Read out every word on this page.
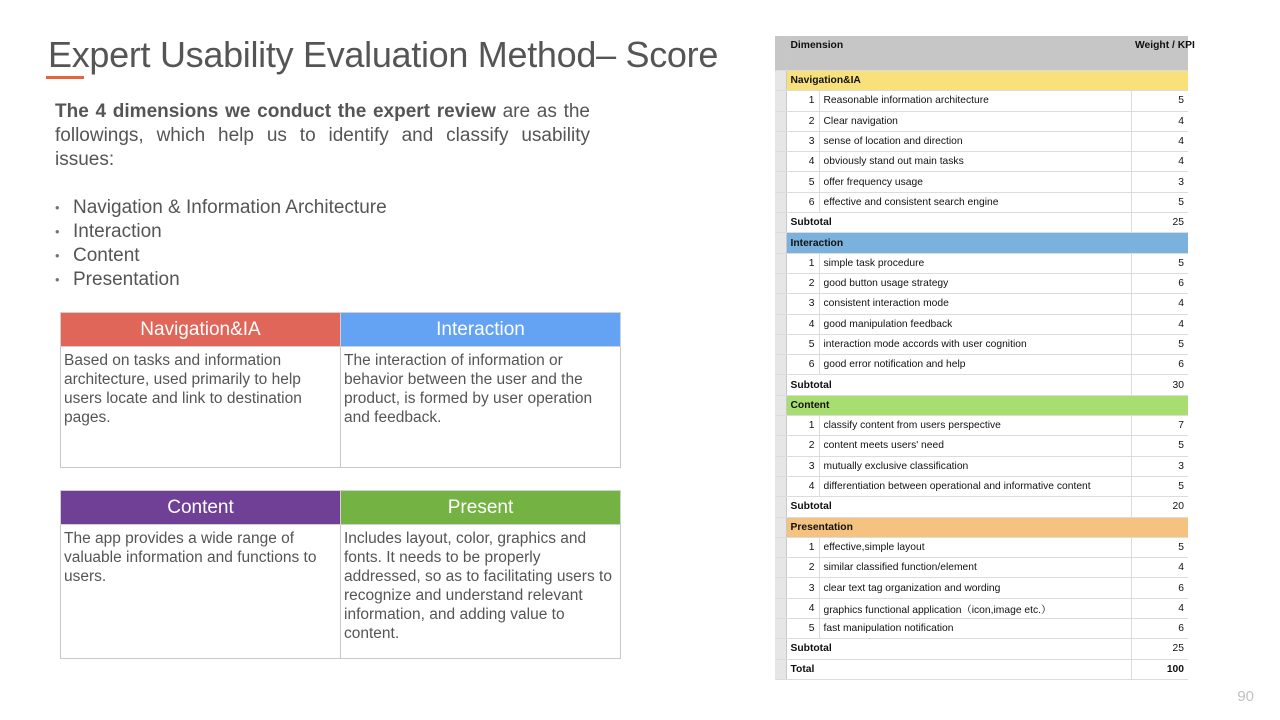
Expert Usability Evaluation Method– Score

The 4 dimensions we conduct the expert review are as the followings, which help us to identify and classify usability issues:

• Navigation & Information Architecture
• Interaction
• Content
• Presentation
Navigation&IA	Interaction
Based on tasks and information architecture, used primarily to help users locate and link to destination pages.	The interaction of information or behavior between the user and the product, is formed by user operation and feedback.
Content	Present
The app provides a wide range of valuable information and functions to users.	Includes layout, color, graphics and fonts. It needs to be properly addressed, so as to facilitating users to recognize and understand relevant information, and adding value to content.
	Dimension		Weight / KPI
	Navigation&IA		
	1	Reasonable information architecture	5
	2	Clear navigation	4
	3	sense of location and direction	4
	4	obviously stand out main tasks	4
	5	offer frequency usage	3
	6	effective and consistent search engine	5
	Subtotal		25
	Interaction		
	1	simple task procedure	5
	2	good button usage strategy	6
	3	consistent interaction mode	4
	4	good manipulation feedback	4
	5	interaction mode accords with user cognition	5
	6	good error notification and help	6
	Subtotal		30
	Content		
	1	classify content from users perspective	7
	2	content meets users' need	5
	3	mutually exclusive classification	3
	4	differentiation between operational and informative content	5
	Subtotal		20
	Presentation		
	1	effective,simple layout	5
	2	similar classified function/element	4
	3	clear text tag organization and wording	6
	4	graphics functional application（icon,image etc.）	4
	5	fast manipulation notification	6
	Subtotal		25
	Total		100
90
